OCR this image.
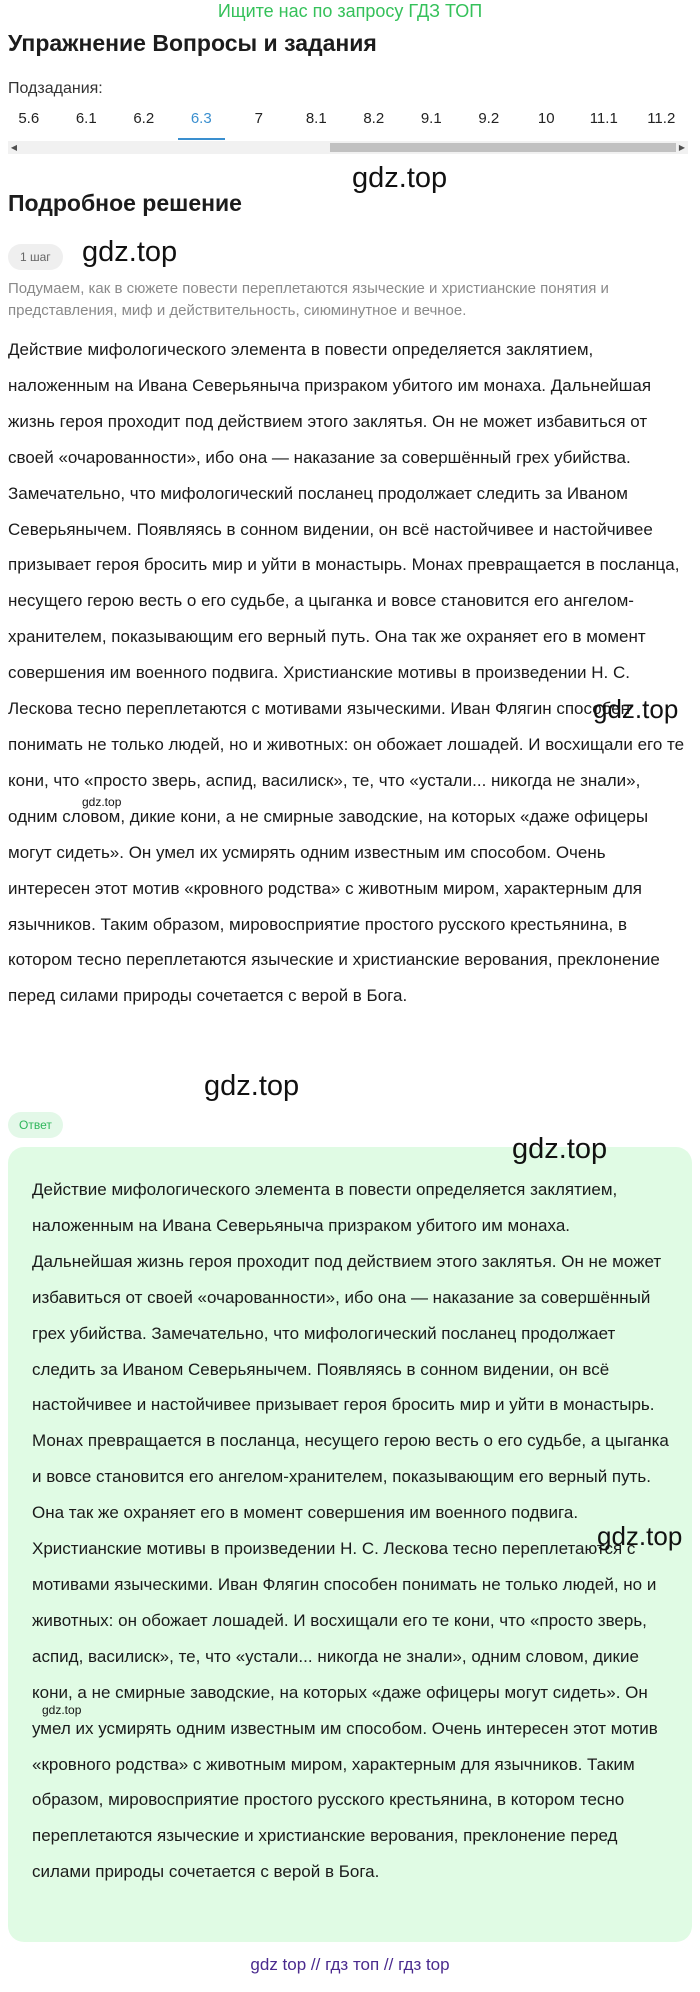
Ищите нас по запросу ГДЗ ТОП
Упражнение Вопросы и задания
Подзадания:
5.6	6.1	6.2	6.3	7	8.1	8.2	9.1	9.2	10	11.1	11.2
◀	▶
gdz.top
Подробное решение
1 шаг	gdz.top

Подумаем, как в сюжете повести переплетаются языческие и христианские понятия и представления, миф и действительность, сиюминутное и вечное.

Действие мифологического элемента в повести определяется заклятием, наложенным на Ивана Северьяныча призраком убитого им монаха. Дальнейшая жизнь героя проходит под действием этого заклятья. Он не может избавиться от своей «очарованности», ибо она — наказание за совершённый грех убийства. Замечательно, что мифологический посланец продолжает следить за Иваном Северьянычем. Появляясь в сонном видении, он всё настойчивее и настойчивее призывает героя бросить мир и уйти в монастырь. Монах превращается в посланца, несущего герою весть о его судьбе, а цыганка и вовсе становится его ангелом-хранителем, показывающим его верный путь. Она так же охраняет его в момент совершения им военного подвига. Христианские мотивы в произведении Н. С. Лескова тесно переплетаются с мотивами языческими. Иван Флягин способен понимать не только людей, но и животных: он обожает лошадей. И восхищали его те кони, что «просто зверь, аспид, василиск», те, что «устали... никогда не знали», одним словом, дикие кони, а не смирные заводские, на которых «даже офицеры могут сидеть». Он умел их усмирять одним известным им способом. Очень интересен этот мотив «кровного родства» с животным миром, характерным для язычников. Таким образом, мировосприятие простого русского крестьянина, в котором тесно переплетаются языческие и христианские верования, преклонение перед силами природы сочетается с верой в Бога.

gdz.top
gdz.top
gdz.top
Ответ

Действие мифологического элемента в повести определяется заклятием, наложенным на Ивана Северьяныча призраком убитого им монаха. Дальнейшая жизнь героя проходит под действием этого заклятья. Он не может избавиться от своей «очарованности», ибо она — наказание за совершённый грех убийства. Замечательно, что мифологический посланец продолжает следить за Иваном Северьянычем. Появляясь в сонном видении, он всё настойчивее и настойчивее призывает героя бросить мир и уйти в монастырь. Монах превращается в посланца, несущего герою весть о его судьбе, а цыганка и вовсе становится его ангелом-хранителем, показывающим его верный путь. Она так же охраняет его в момент совершения им военного подвига. Христианские мотивы в произведении Н. С. Лескова тесно переплетаются с мотивами языческими. Иван Флягин способен понимать не только людей, но и животных: он обожает лошадей. И восхищали его те кони, что «просто зверь, аспид, василиск», те, что «устали... никогда не знали», одним словом, дикие кони, а не смирные заводские, на которых «даже офицеры могут сидеть». Он умел их усмирять одним известным им способом. Очень интересен этот мотив «кровного родства» с животным миром, характерным для язычников. Таким образом, мировосприятие простого русского крестьянина, в котором тесно переплетаются языческие и христианские верования, преклонение перед силами природы сочетается с верой в Бога.

gdz.top
gdz.top
gdz.top
gdz top // гдз топ // гдз top
